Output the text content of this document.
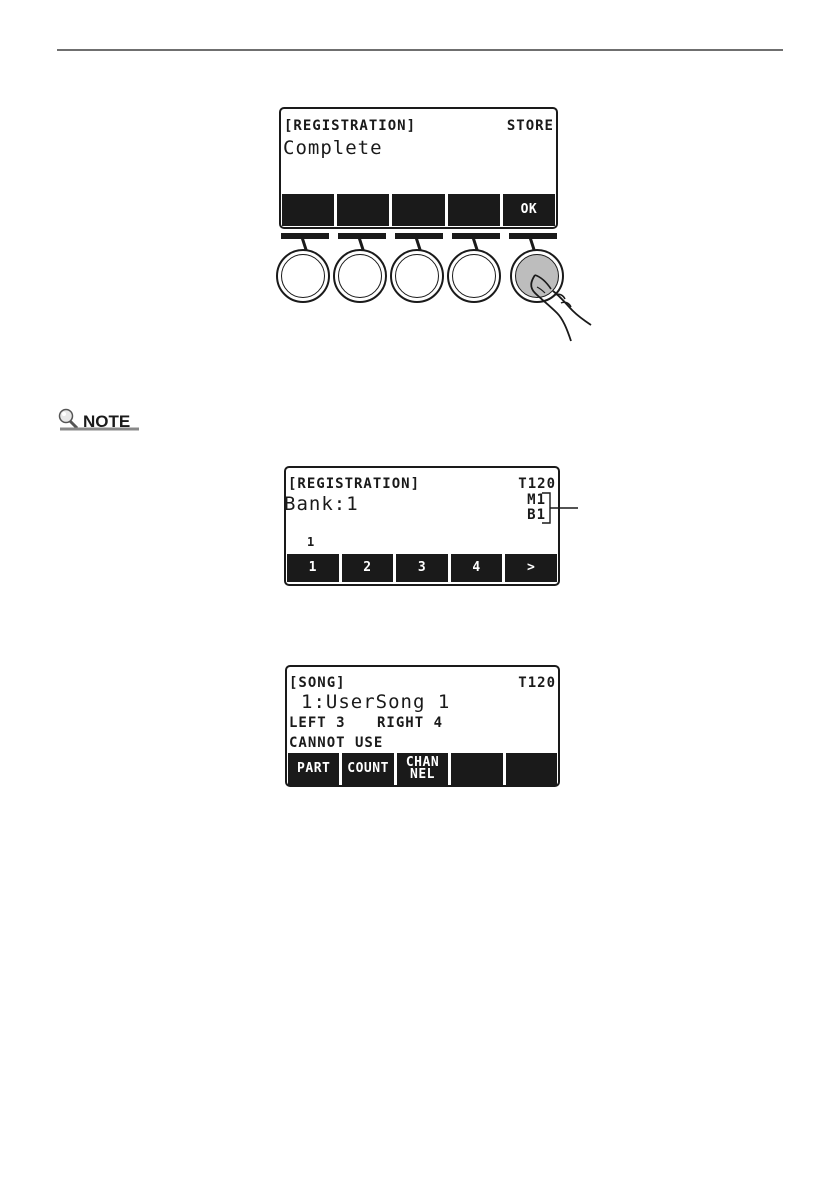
[REGISTRATION]	STORE
Complete
OK
NOTE
[REGISTRATION]	T120
Bank:1	M1
B1
1
1	2	3	4	>
[SONG]	T120
1:UserSong 1
LEFT 3 RIGHT 4
CANNOT USE
PART	COUNT	CHAN
NEL
